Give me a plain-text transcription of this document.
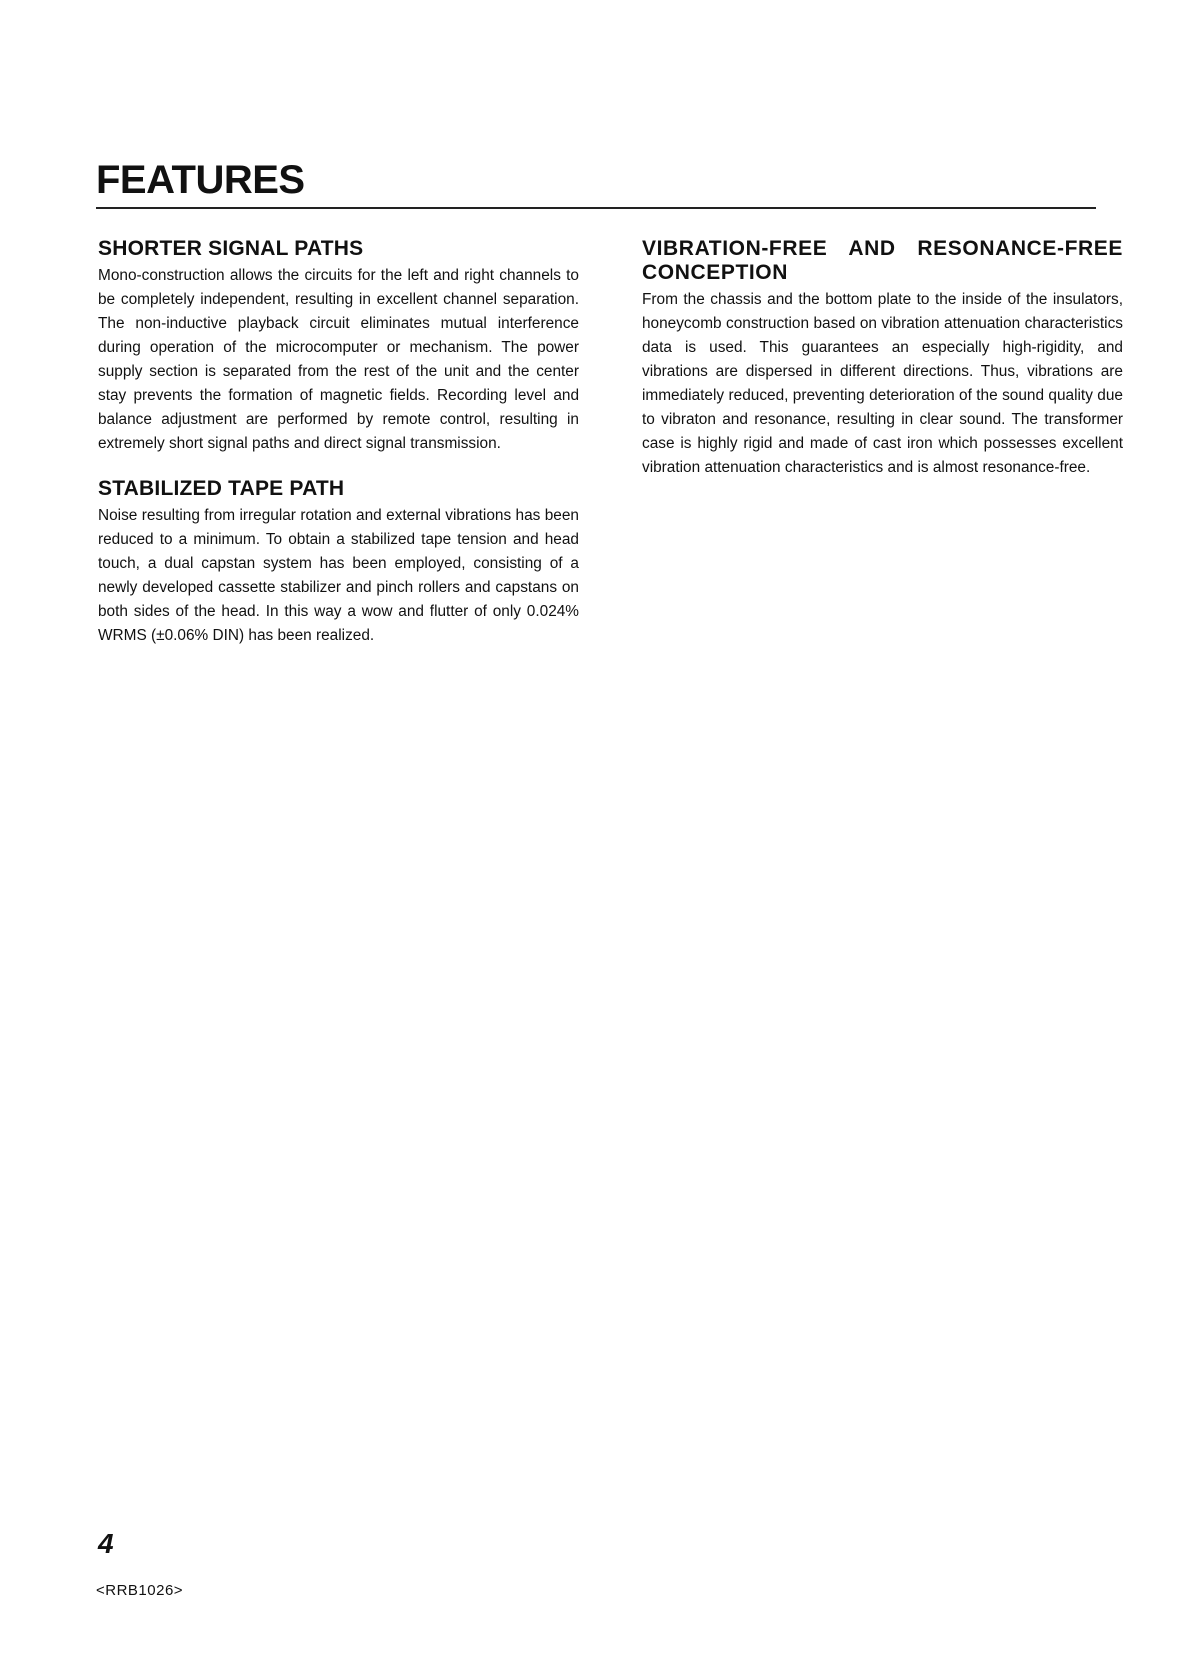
FEATURES
SHORTER SIGNAL PATHS

Mono-construction allows the circuits for the left and right channels to be completely independent, resulting in excellent channel separation. The non-inductive playback circuit eliminates mutual interference during operation of the microcomputer or mechanism. The power supply section is separated from the rest of the unit and the center stay prevents the formation of magnetic fields. Recording level and balance adjustment are performed by remote control, resulting in extremely short signal paths and direct signal transmission.

STABILIZED TAPE PATH

Noise resulting from irregular rotation and external vibrations has been reduced to a minimum. To obtain a stabilized tape tension and head touch, a dual capstan system has been employed, consisting of a newly developed cassette stabilizer and pinch rollers and capstans on both sides of the head. In this way a wow and flutter of only 0.024% WRMS (±0.06% DIN) has been realized.

VIBRATION-FREE AND RESONANCE-FREE CONCEPTION

From the chassis and the bottom plate to the inside of the insulators, honeycomb construction based on vibration attenuation characteristics data is used. This guarantees an especially high-rigidity, and vibrations are dispersed in different directions. Thus, vibrations are immediately reduced, preventing deterioration of the sound quality due to vibraton and resonance, resulting in clear sound. The transformer case is highly rigid and made of cast iron which possesses excellent vibration attenuation characteristics and is almost resonance-free.

4
<RRB1026>
